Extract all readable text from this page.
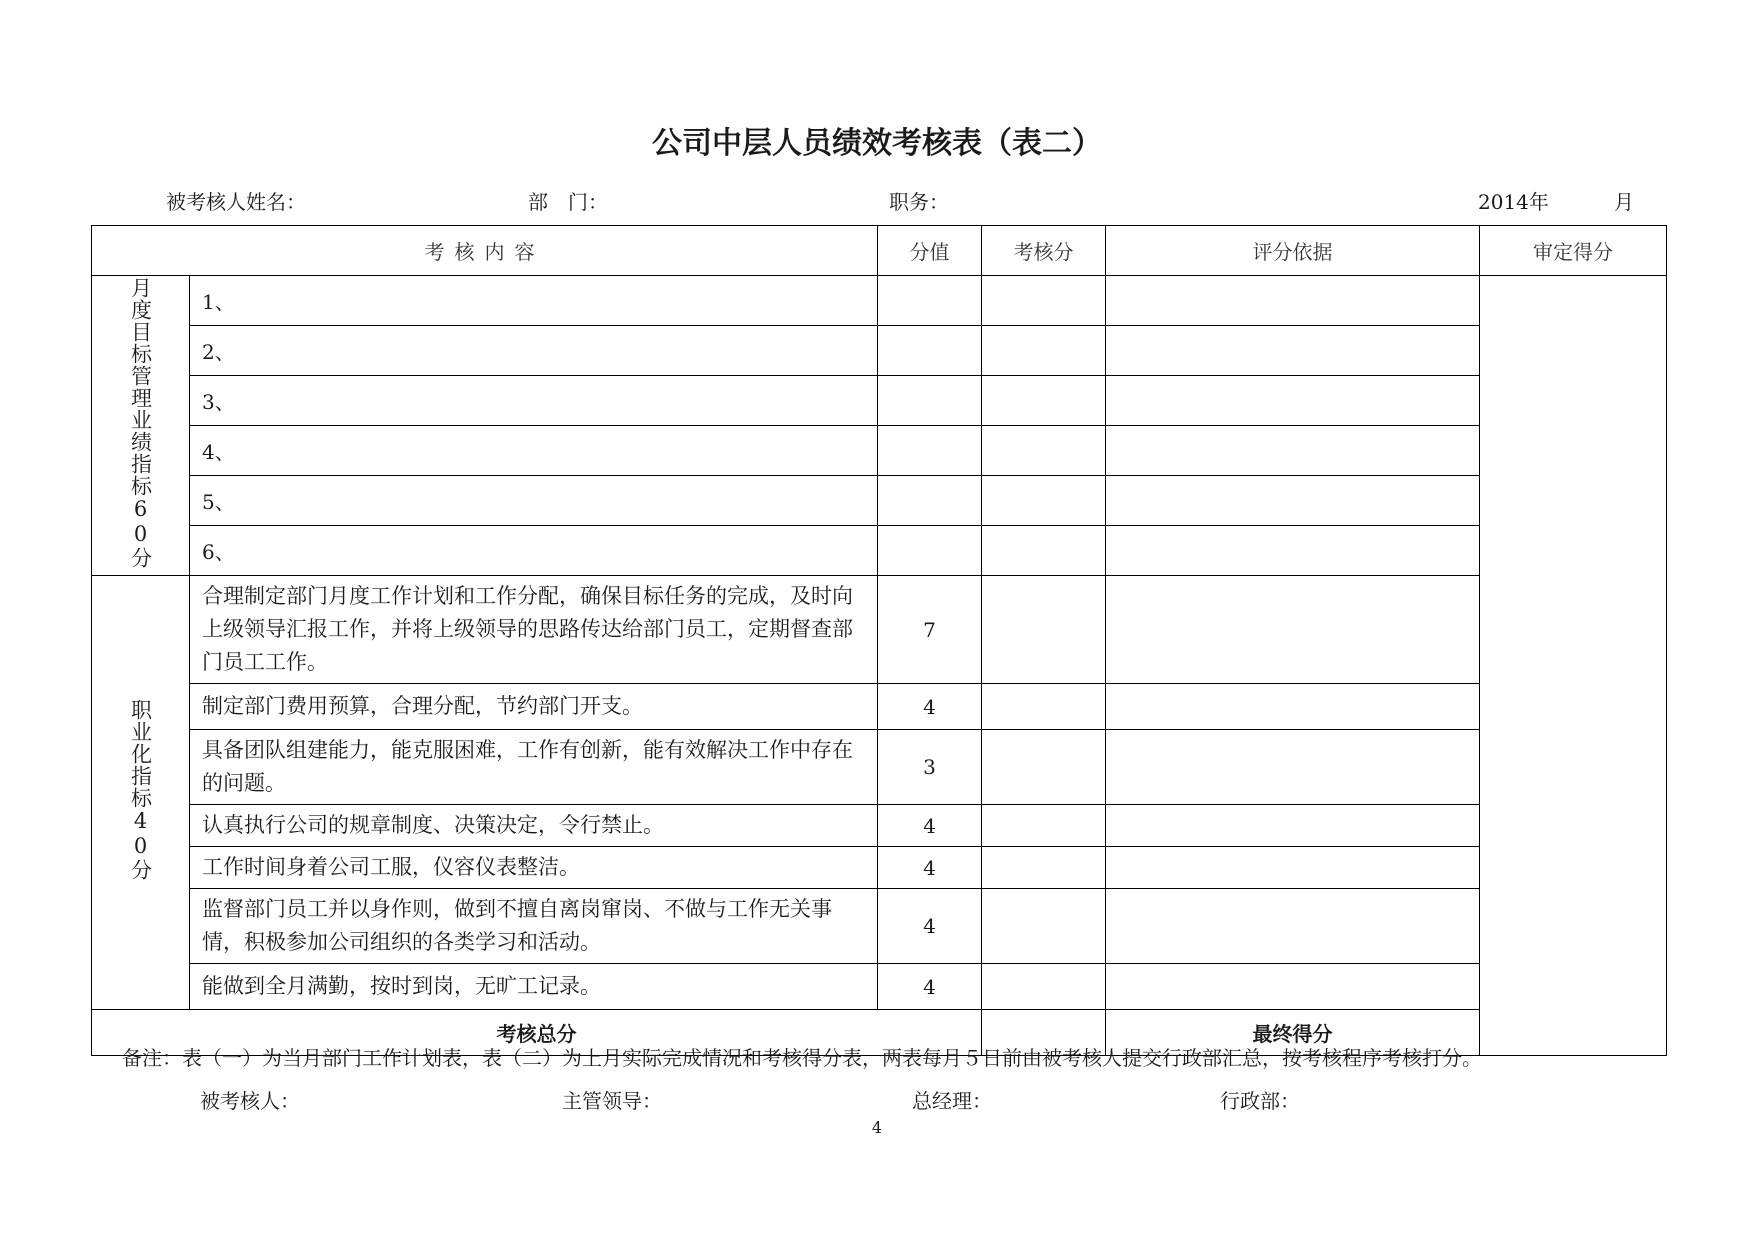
公司中层人员绩效考核表（表二）
被考核人姓名：	部　门：	职务：	2014年	月
考核内容		分值	考核分	评分依据	审定得分	
月度目标管理业绩指标60分	1、					
	2、					
	3、					
	4、					
	5、					
	6、					
职业化指标40分	合理制定部门月度工作计划和工作分配，确保目标任务的完成，及时向上级领导汇报工作，并将上级领导的思路传达给部门员工，定期督查部门员工工作。	7				
	制定部门费用预算，合理分配，节约部门开支。	4				
	具备团队组建能力，能克服困难，工作有创新，能有效解决工作中存在的问题。	3				
	认真执行公司的规章制度、决策决定，令行禁止。	4				
	工作时间身着公司工服，仪容仪表整洁。	4				
	监督部门员工并以身作则，做到不擅自离岗窜岗、不做与工作无关事情，积极参加公司组织的各类学习和活动。	4				
	能做到全月满勤，按时到岗，无旷工记录。	4				
考核总分				最终得分		
备注：表（一）为当月部门工作计划表，表（二）为上月实际完成情况和考核得分表，两表每月５日前由被考核人提交行政部汇总，按考核程序考核打分。
被考核人：	主管领导：	总经理：	行政部：
4
